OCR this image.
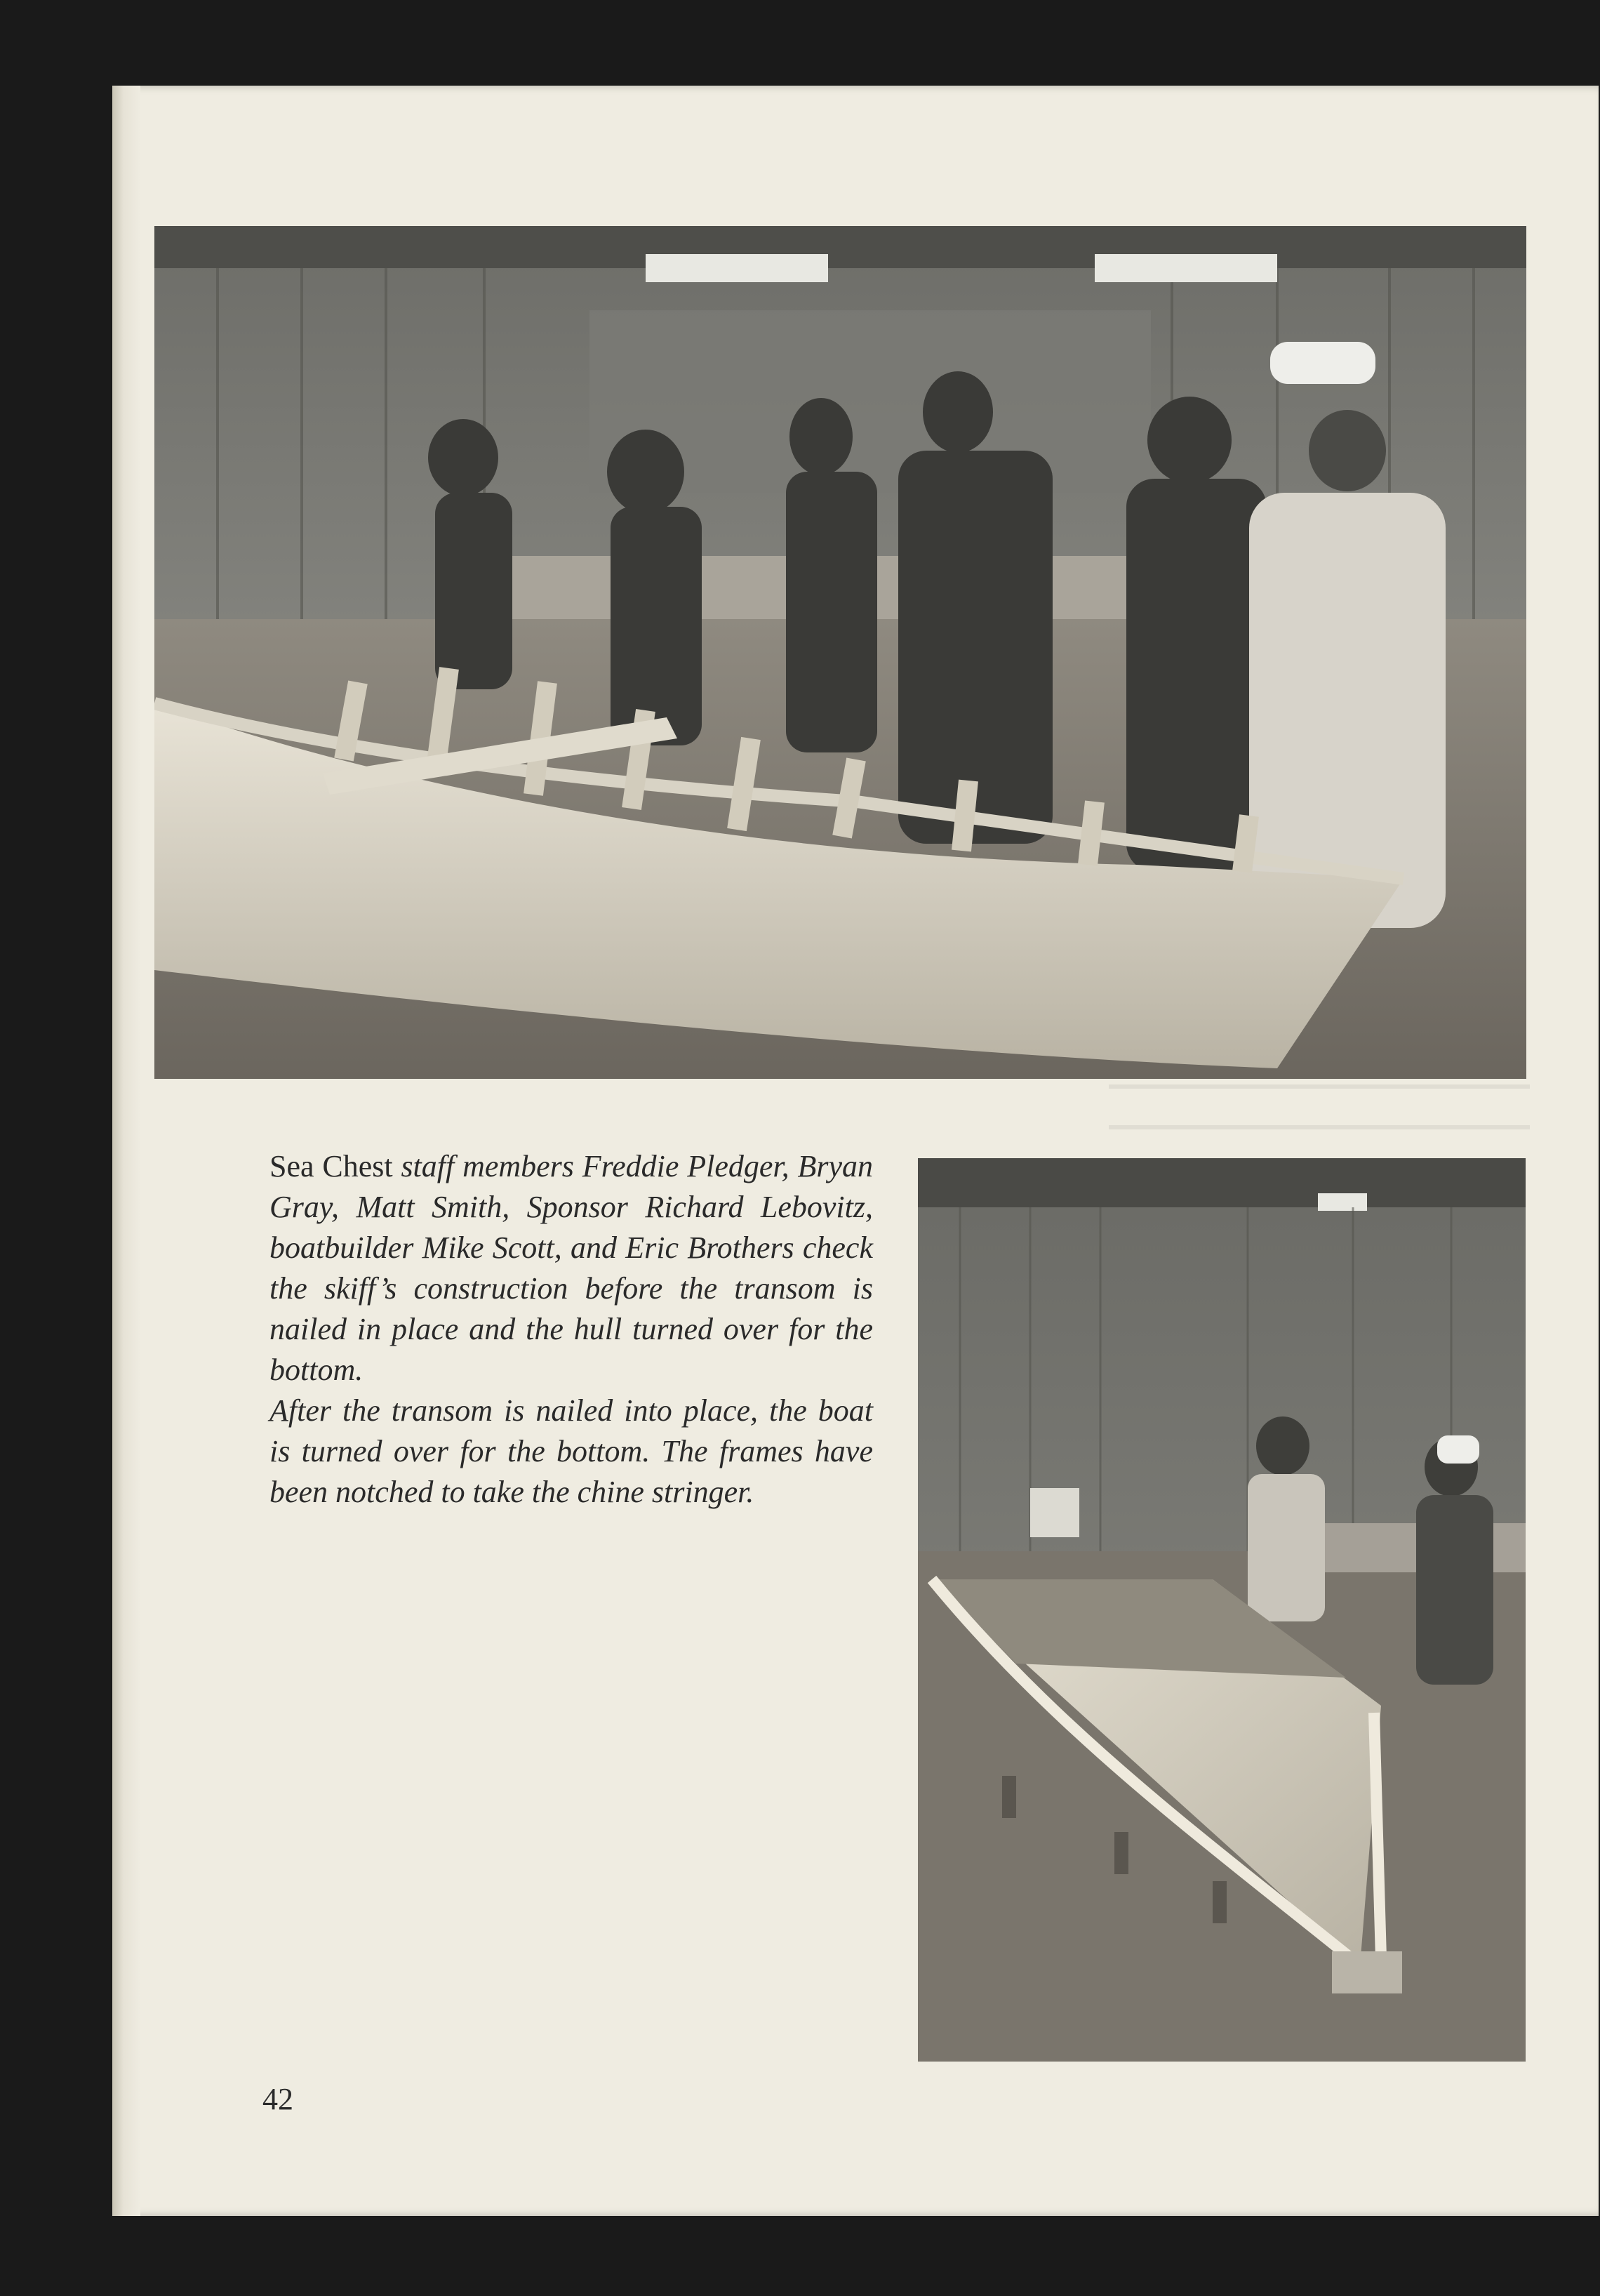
Sea Chest staff members Freddie Pledger, Bryan Gray, Matt Smith, Sponsor Richard Lebovitz, boatbuilder Mike Scott, and Eric Brothers check the skiff’s construction before the transom is nailed in place and the hull turned over for the bottom.

After the transom is nailed into place, the boat is turned over for the bottom. The frames have been notched to take the chine stringer.

42
